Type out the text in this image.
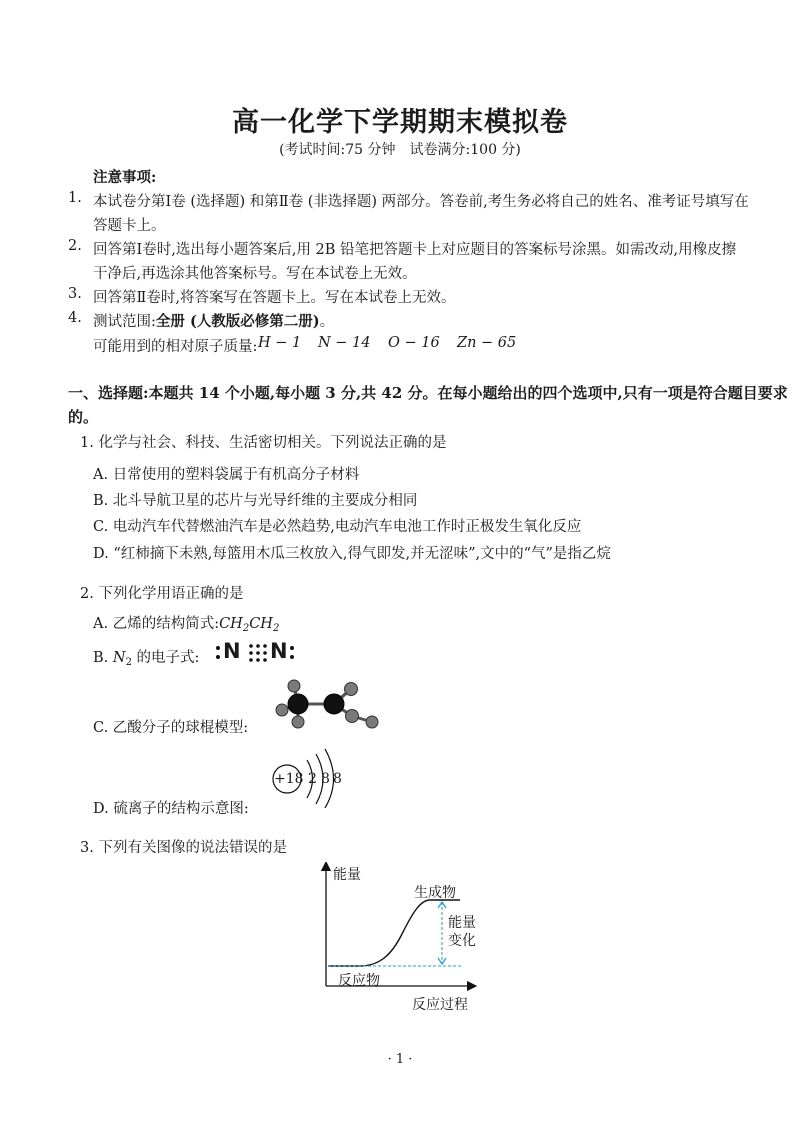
高一化学下学期期末模拟卷
(考试时间:75 分钟　试卷满分:100 分)
注意事项:
1. 本试卷分第Ⅰ卷 (选择题) 和第Ⅱ卷 (非选择题) 两部分。答卷前,考生务必将自己的姓名、准考证号填写在
答题卡上。
2. 回答第Ⅰ卷时,选出每小题答案后,用 2B 铅笔把答题卡上对应题目的答案标号涂黑。如需改动,用橡皮擦
干净后,再选涂其他答案标号。写在本试卷上无效。
3. 回答第Ⅱ卷时,将答案写在答题卡上。写在本试卷上无效。
4. 测试范围:全册 (人教版必修第二册)。
可能用到的相对原子质量: H − 1 N − 14 O − 16 Zn − 65
一、选择题:本题共 14 个小题,每小题 3 分,共 42 分。在每小题给出的四个选项中,只有一项是符合题目要求
的。
1. 化学与社会、科技、生活密切相关。下列说法正确的是
A. 日常使用的塑料袋属于有机高分子材料
B. 北斗导航卫星的芯片与光导纤维的主要成分相同
C. 电动汽车代替燃油汽车是必然趋势,电动汽车电池工作时正极发生氧化反应
D. “红柿摘下未熟,每篮用木瓜三枚放入,得气即发,并无涩味”,文中的“气”是指乙烷
2. 下列化学用语正确的是
A. 乙烯的结构简式$:CH_2CH_2$
B. $N_2$ 的电子式: N N
C. 乙酸分子的球棍模型:
D. 硫离子的结构示意图:
+18 2 8 8
3. 下列有关图像的说法错误的是
能量
生成物
能量
变化
反应物
反应过程
· 1 ·
